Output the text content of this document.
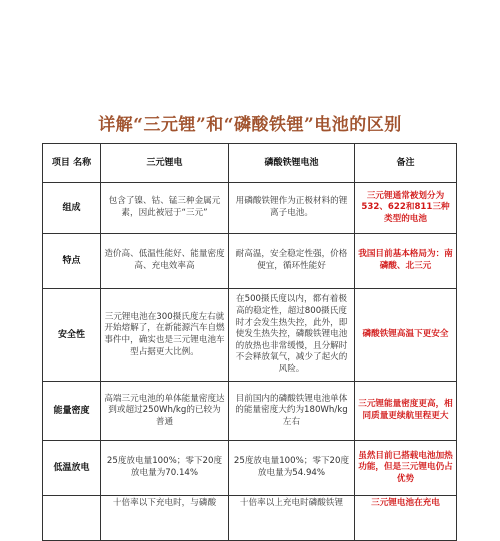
详解“三元锂”和“磷酸铁锂”电池的区别
项目 名称	三元锂电	磷酸铁锂电池	备注
组成	包含了镍、钴、锰三种金属元素，因此被冠于“三元”	用磷酸铁锂作为正极材料的锂离子电池。	三元锂通常被划分为532、622和811三种类型的电池
特点	造价高、低温性能好、能量密度高、充电效率高	耐高温，安全稳定性强，价格便宜，循环性能好	我国目前基本格局为：南磷酸、北三元
安全性	三元锂电池在300摄氏度左右就开始熔解了，在新能源汽车自燃事件中，确实也是三元锂电池车型占据更大比例。	在500摄氏度以内，都有着极高的稳定性，超过800摄氏度时才会发生热失控，此外，即使发生热失控，磷酸铁锂电池的放热也非常缓慢，且分解时不会释放氧气，减少了起火的风险。	磷酸铁锂高温下更安全
能量密度	高端三元电池的单体能量密度达到或超过250Wh/kg的已较为普通	目前国内的磷酸铁锂电池单体的能量密度大约为180Wh/kg左右	三元锂能量密度更高，相同质量更续航里程更大
低温放电	25度放电量100%；零下20度放电量为70.14%	25度放电量100%；零下20度放电量为54.94%	虽然目前已搭载电池加热功能，但是三元锂电仍占优势
	十倍率以下充电时，与磷酸	十倍率以上充电时磷酸铁锂	三元锂电池在充电
